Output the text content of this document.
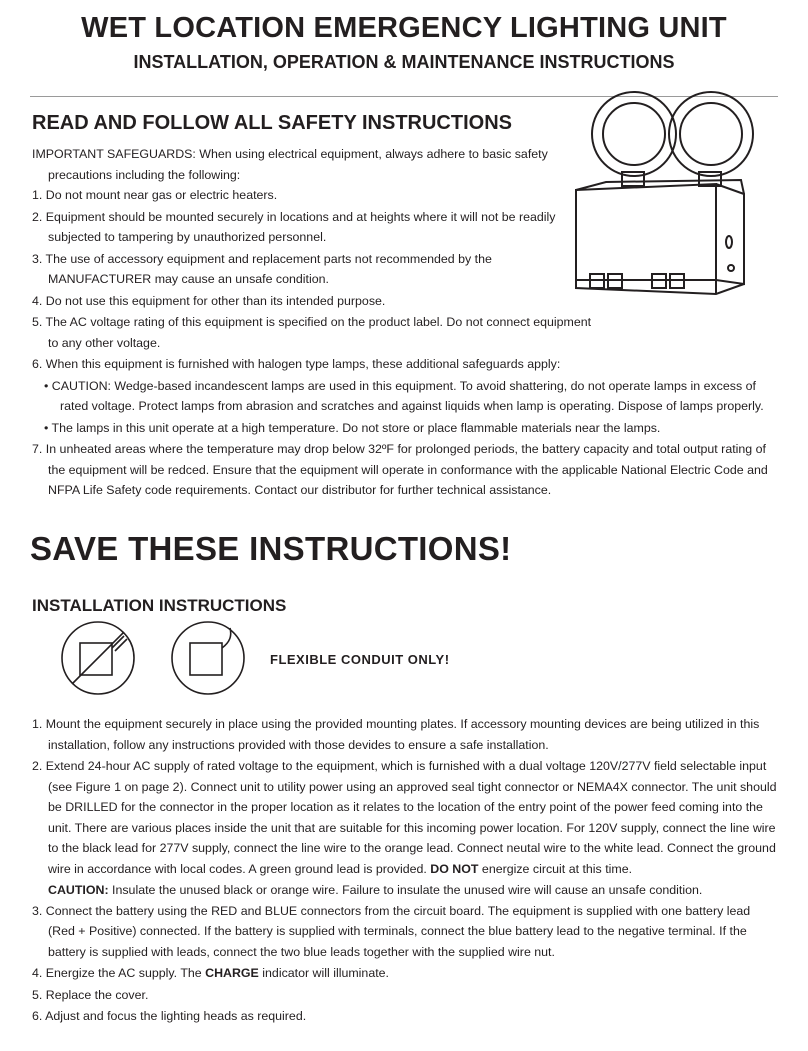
WET LOCATION EMERGENCY LIGHTING UNIT
INSTALLATION, OPERATION & MAINTENANCE INSTRUCTIONS
READ AND FOLLOW ALL SAFETY INSTRUCTIONS
IMPORTANT SAFEGUARDS: When using electrical equipment, always adhere to basic safety precautions including the following:
1. Do not mount near gas or electric heaters.
2. Equipment should be mounted securely in locations and at heights where it will not be readily subjected to tampering by unauthorized personnel.
3. The use of accessory equipment and replacement parts not recommended by the MANUFACTURER may cause an unsafe condition.
4. Do not use this equipment for other than its intended purpose.
5. The AC voltage rating of this equipment is specified on the product label. Do not connect equipment to any other voltage.
6. When this equipment is furnished with halogen type lamps, these additional safeguards apply:
• CAUTION: Wedge-based incandescent lamps are used in this equipment. To avoid shattering, do not operate lamps in excess of rated voltage. Protect lamps from abrasion and scratches and against liquids when lamp is operating. Dispose of lamps properly.
• The lamps in this unit operate at a high temperature. Do not store or place flammable materials near the lamps.
7. In unheated areas where the temperature may drop below 32ºF for prolonged periods, the battery capacity and total output rating of the equipment will be redced. Ensure that the equipment will operate in conformance with the applicable National Electric Code and NFPA Life Safety code requirements. Contact our distributor for further technical assistance.
SAVE THESE INSTRUCTIONS!
INSTALLATION INSTRUCTIONS
FLEXIBLE CONDUIT ONLY!
1. Mount the equipment securely in place using the provided mounting plates. If accessory mounting devices are being utilized in this installation, follow any instructions provided with those devides to ensure a safe installation.
2. Extend 24-hour AC supply of rated voltage to the equipment, which is furnished with a dual voltage 120V/277V field selectable input (see Figure 1 on page 2). Connect unit to utility power using an approved seal tight connector or NEMA4X connector. The unit should be DRILLED for the connector in the proper location as it relates to the location of the entry point of the power feed coming into the unit. There are various places inside the unit that are suitable for this incoming power location. For 120V supply, connect the line wire to the black lead for 277V supply, connect the line wire to the orange lead. Connect neutal wire to the white lead. Connect the ground wire in accordance with local codes. A green ground lead is provided. DO NOT energize circuit at this time.
CAUTION: Insulate the unused black or orange wire. Failure to insulate the unused wire will cause an unsafe condition.
3. Connect the battery using the RED and BLUE connectors from the circuit board. The equipment is supplied with one battery lead (Red + Positive) connected. If the battery is supplied with terminals, connect the blue battery lead to the negative terminal. If the battery is supplied with leads, connect the two blue leads together with the supplied wire nut.
4. Energize the AC supply. The CHARGE indicator will illuminate.
5. Replace the cover.
6. Adjust and focus the lighting heads as required.
